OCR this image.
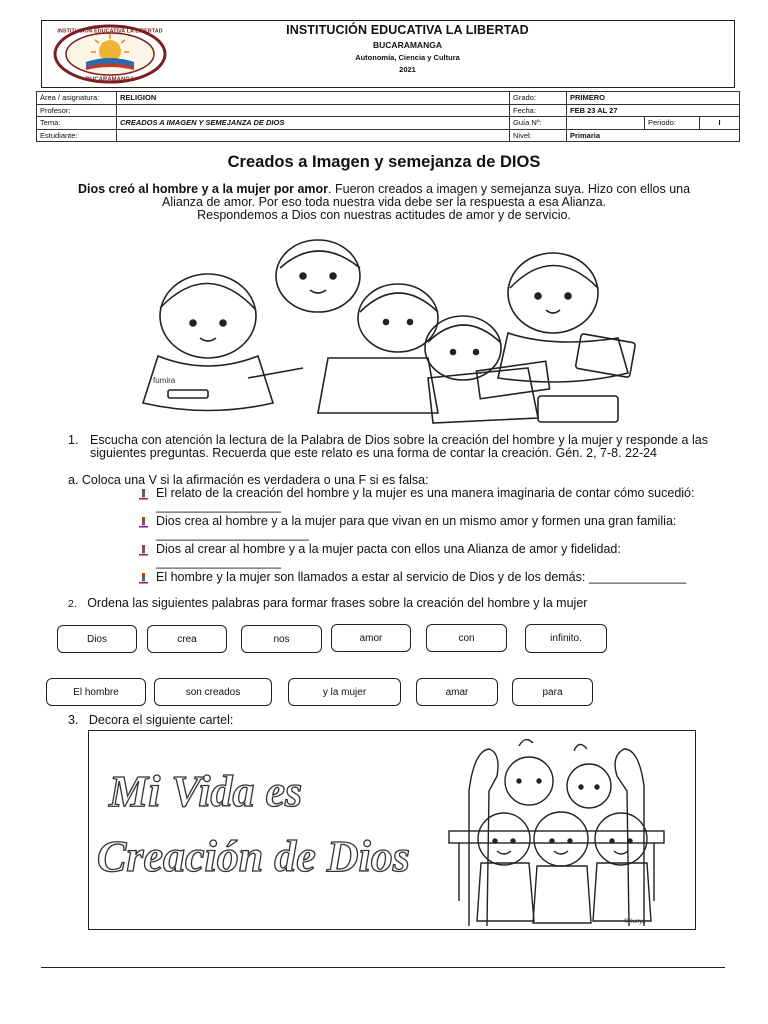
INSTITUCION EDUCATIVA LA LIBERTAD
BUCARAMANGA
INSTITUCIÓN EDUCATIVA LA LIBERTAD
BUCARAMANGA
Autonomía, Ciencia y Cultura
2021
Área / asignatura:	RELIGION	Grado:	PRIMERO		
Profesor:		Fecha:	FEB 23 AL 27		
Tema:	CREADOS A IMAGEN Y SEMEJANZA DE DIOS	Guía Nº:		Periodo:	I
Estudiante:		Nivel:	Primaria		
Creados a Imagen y semejanza de DIOS
Dios creó al hombre y a la mujer por amor. Fueron creados a imagen y semejanza suya. Hizo con ellos una Alianza de amor. Por eso toda nuestra vida debe ser la respuesta a esa Alianza.
Respondemos a Dios con nuestras actitudes de amor y de servicio.
fumira
1. Escucha con atención la lectura de la Palabra de Dios sobre la creación del hombre y la mujer y responde a las siguientes preguntas. Recuerda que este relato es una forma de contar la creación. Gén. 2, 7-8. 22-24
a. Coloca una V si la afirmación es verdadera o una F si es falsa:
El relato de la creación del hombre y la mujer es una manera imaginaria de contar cómo sucedió: __________________
Dios crea al hombre y a la mujer para que vivan en un mismo amor y formen una gran familia: ______________________
Dios al crear al hombre y a la mujer pacta con ellos una Alianza de amor y fidelidad: __________________
El hombre y la mujer son llamados a estar al servicio de Dios y de los demás: ______________
2. Ordena las siguientes palabras para formar frases sobre la creación del hombre y la mujer
Dios	crea	nos	amor	con	infinito.
El hombre	son creados	y la mujer	amar	para
3. Decora el siguiente cartel:
Mi Vida es
Creación de Dios
©Xunya
